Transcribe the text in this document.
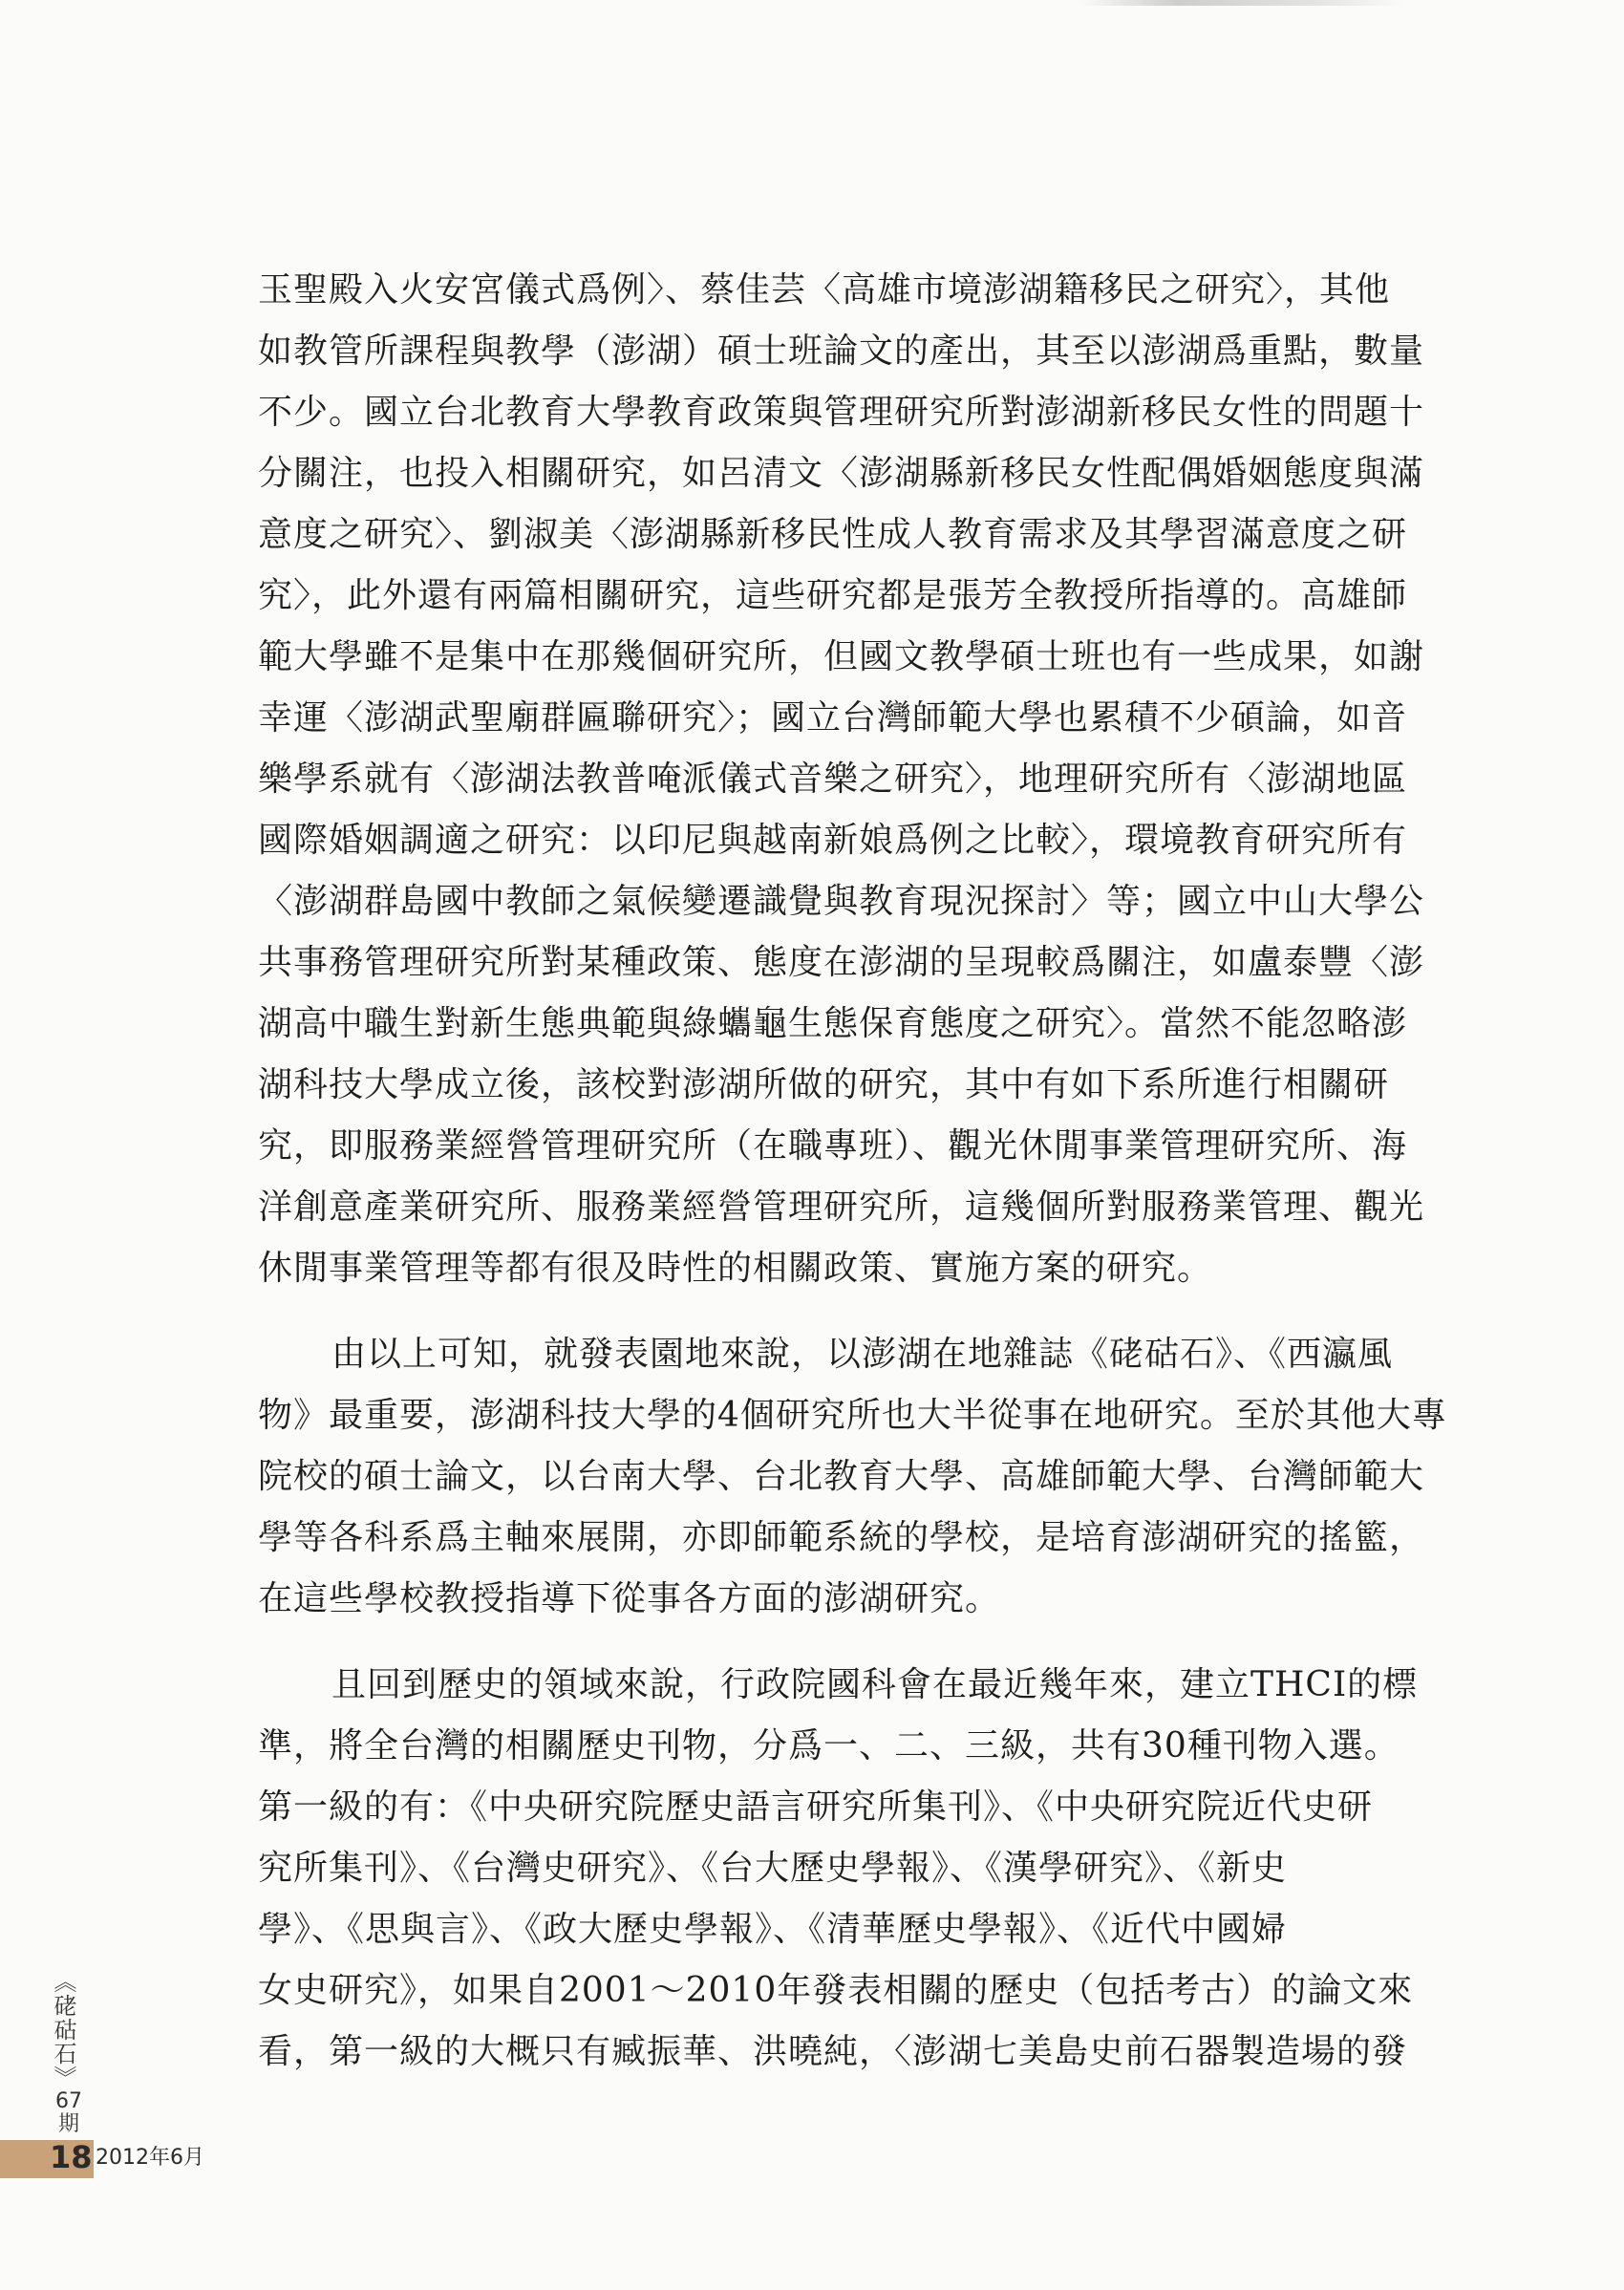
玉聖殿入火安宮儀式爲例〉、蔡佳芸〈高雄市境澎湖籍移民之研究〉，其他
如教管所課程與教學（澎湖）碩士班論文的產出，其至以澎湖爲重點，數量
不少。國立台北教育大學教育政策與管理研究所對澎湖新移民女性的問題十
分關注，也投入相關研究，如呂清文〈澎湖縣新移民女性配偶婚姻態度與滿
意度之研究〉、劉淑美〈澎湖縣新移民性成人教育需求及其學習滿意度之研
究〉，此外還有兩篇相關研究，這些研究都是張芳全教授所指導的。高雄師
範大學雖不是集中在那幾個研究所，但國文教學碩士班也有一些成果，如謝
幸運〈澎湖武聖廟群匾聯研究〉；國立台灣師範大學也累積不少碩論，如音
樂學系就有〈澎湖法教普唵派儀式音樂之研究〉，地理研究所有〈澎湖地區
國際婚姻調適之研究：以印尼與越南新娘爲例之比較〉，環境教育研究所有
〈澎湖群島國中教師之氣候變遷識覺與教育現況探討〉等；國立中山大學公
共事務管理研究所對某種政策、態度在澎湖的呈現較爲關注，如盧泰豐〈澎
湖高中職生對新生態典範與綠蠵龜生態保育態度之研究〉。當然不能忽略澎
湖科技大學成立後，該校對澎湖所做的研究，其中有如下系所進行相關研
究，即服務業經營管理研究所（在職專班）、觀光休閒事業管理研究所、海
洋創意產業研究所、服務業經營管理研究所，這幾個所對服務業管理、觀光
休閒事業管理等都有很及時性的相關政策、實施方案的研究。
由以上可知，就發表園地來說，以澎湖在地雜誌《硓𥑮石》、《西瀛風
物》最重要，澎湖科技大學的4個研究所也大半從事在地研究。至於其他大專
院校的碩士論文，以台南大學、台北教育大學、高雄師範大學、台灣師範大
學等各科系爲主軸來展開，亦即師範系統的學校，是培育澎湖研究的搖籃，
在這些學校教授指導下從事各方面的澎湖研究。
且回到歷史的領域來說，行政院國科會在最近幾年來，建立THCI的標
準，將全台灣的相關歷史刊物，分爲一、二、三級，共有30種刊物入選。
第一級的有：《中央研究院歷史語言研究所集刊》、《中央研究院近代史研
究所集刊》、《台灣史研究》、《台大歷史學報》、《漢學研究》、《新史
學》、《思與言》、《政大歷史學報》、《清華歷史學報》、《近代中國婦
女史研究》，如果自2001～2010年發表相關的歷史（包括考古）的論文來
看，第一級的大概只有臧振華、洪曉純，〈澎湖七美島史前石器製造場的發
《硓𥑮石》
67
期
18 2012年6月
